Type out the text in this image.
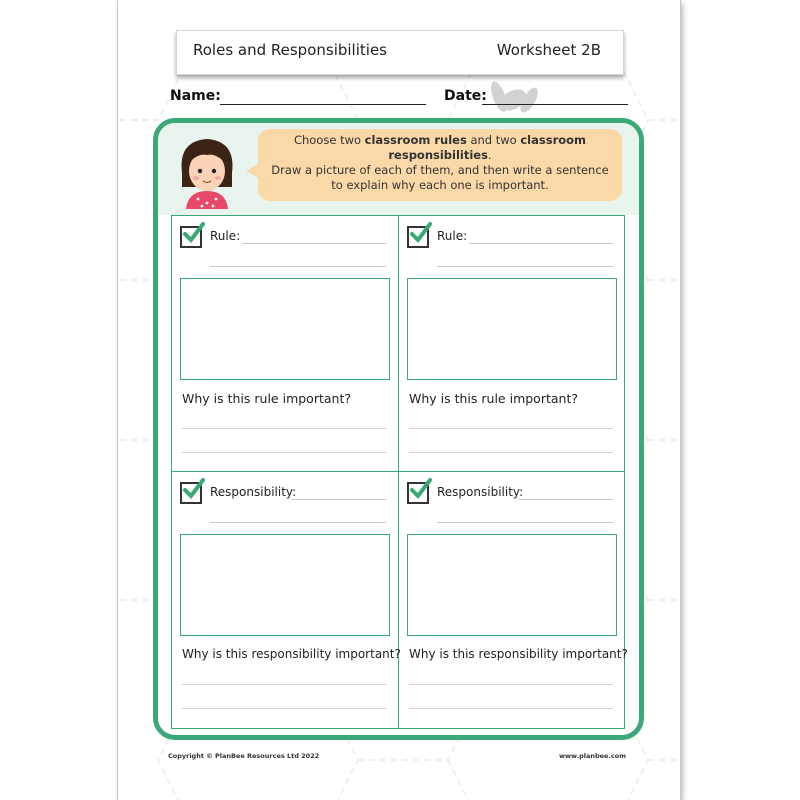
Roles and Responsibilities	Worksheet 2B
Name:	Date:
Choose two classroom rules and two classroom responsibilities.
Draw a picture of each of them, and then write a sentence
to explain why each one is important.
Rule:
Why is this rule important?
Rule:
Why is this rule important?
Responsibility:
Why is this responsibility important?
Responsibility:
Why is this responsibility important?
Copyright © PlanBee Resources Ltd 2022	www.planbee.com
